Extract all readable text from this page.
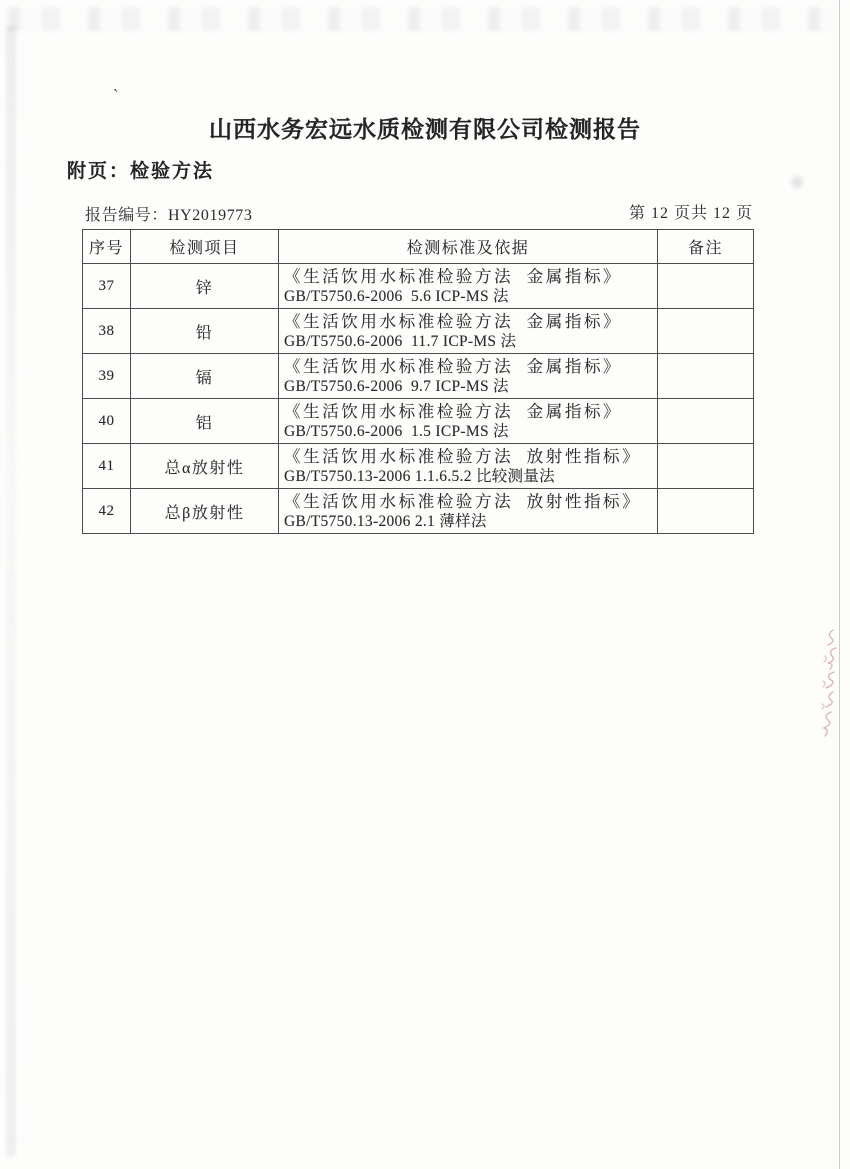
`
山西水务宏远水质检测有限公司检测报告
附页：检验方法
报告编号：HY2019773	第 12 页共 12 页
序号	检测项目	检测标准及依据	备注
37	锌	《生活饮用水标准检验方法  金属指标》
GB/T5750.6-2006  5.6 ICP-MS 法	

38	铅	《生活饮用水标准检验方法  金属指标》
GB/T5750.6-2006  11.7 ICP-MS 法	

39	镉	《生活饮用水标准检验方法  金属指标》
GB/T5750.6-2006  9.7 ICP-MS 法	

40	铝	《生活饮用水标准检验方法  金属指标》
GB/T5750.6-2006  1.5 ICP-MS 法	

41	总α放射性	《生活饮用水标准检验方法  放射性指标》
GB/T5750.13-2006 1.1.6.5.2 比较测量法	

42	总β放射性	《生活饮用水标准检验方法  放射性指标》
GB/T5750.13-2006 2.1 薄样法	
